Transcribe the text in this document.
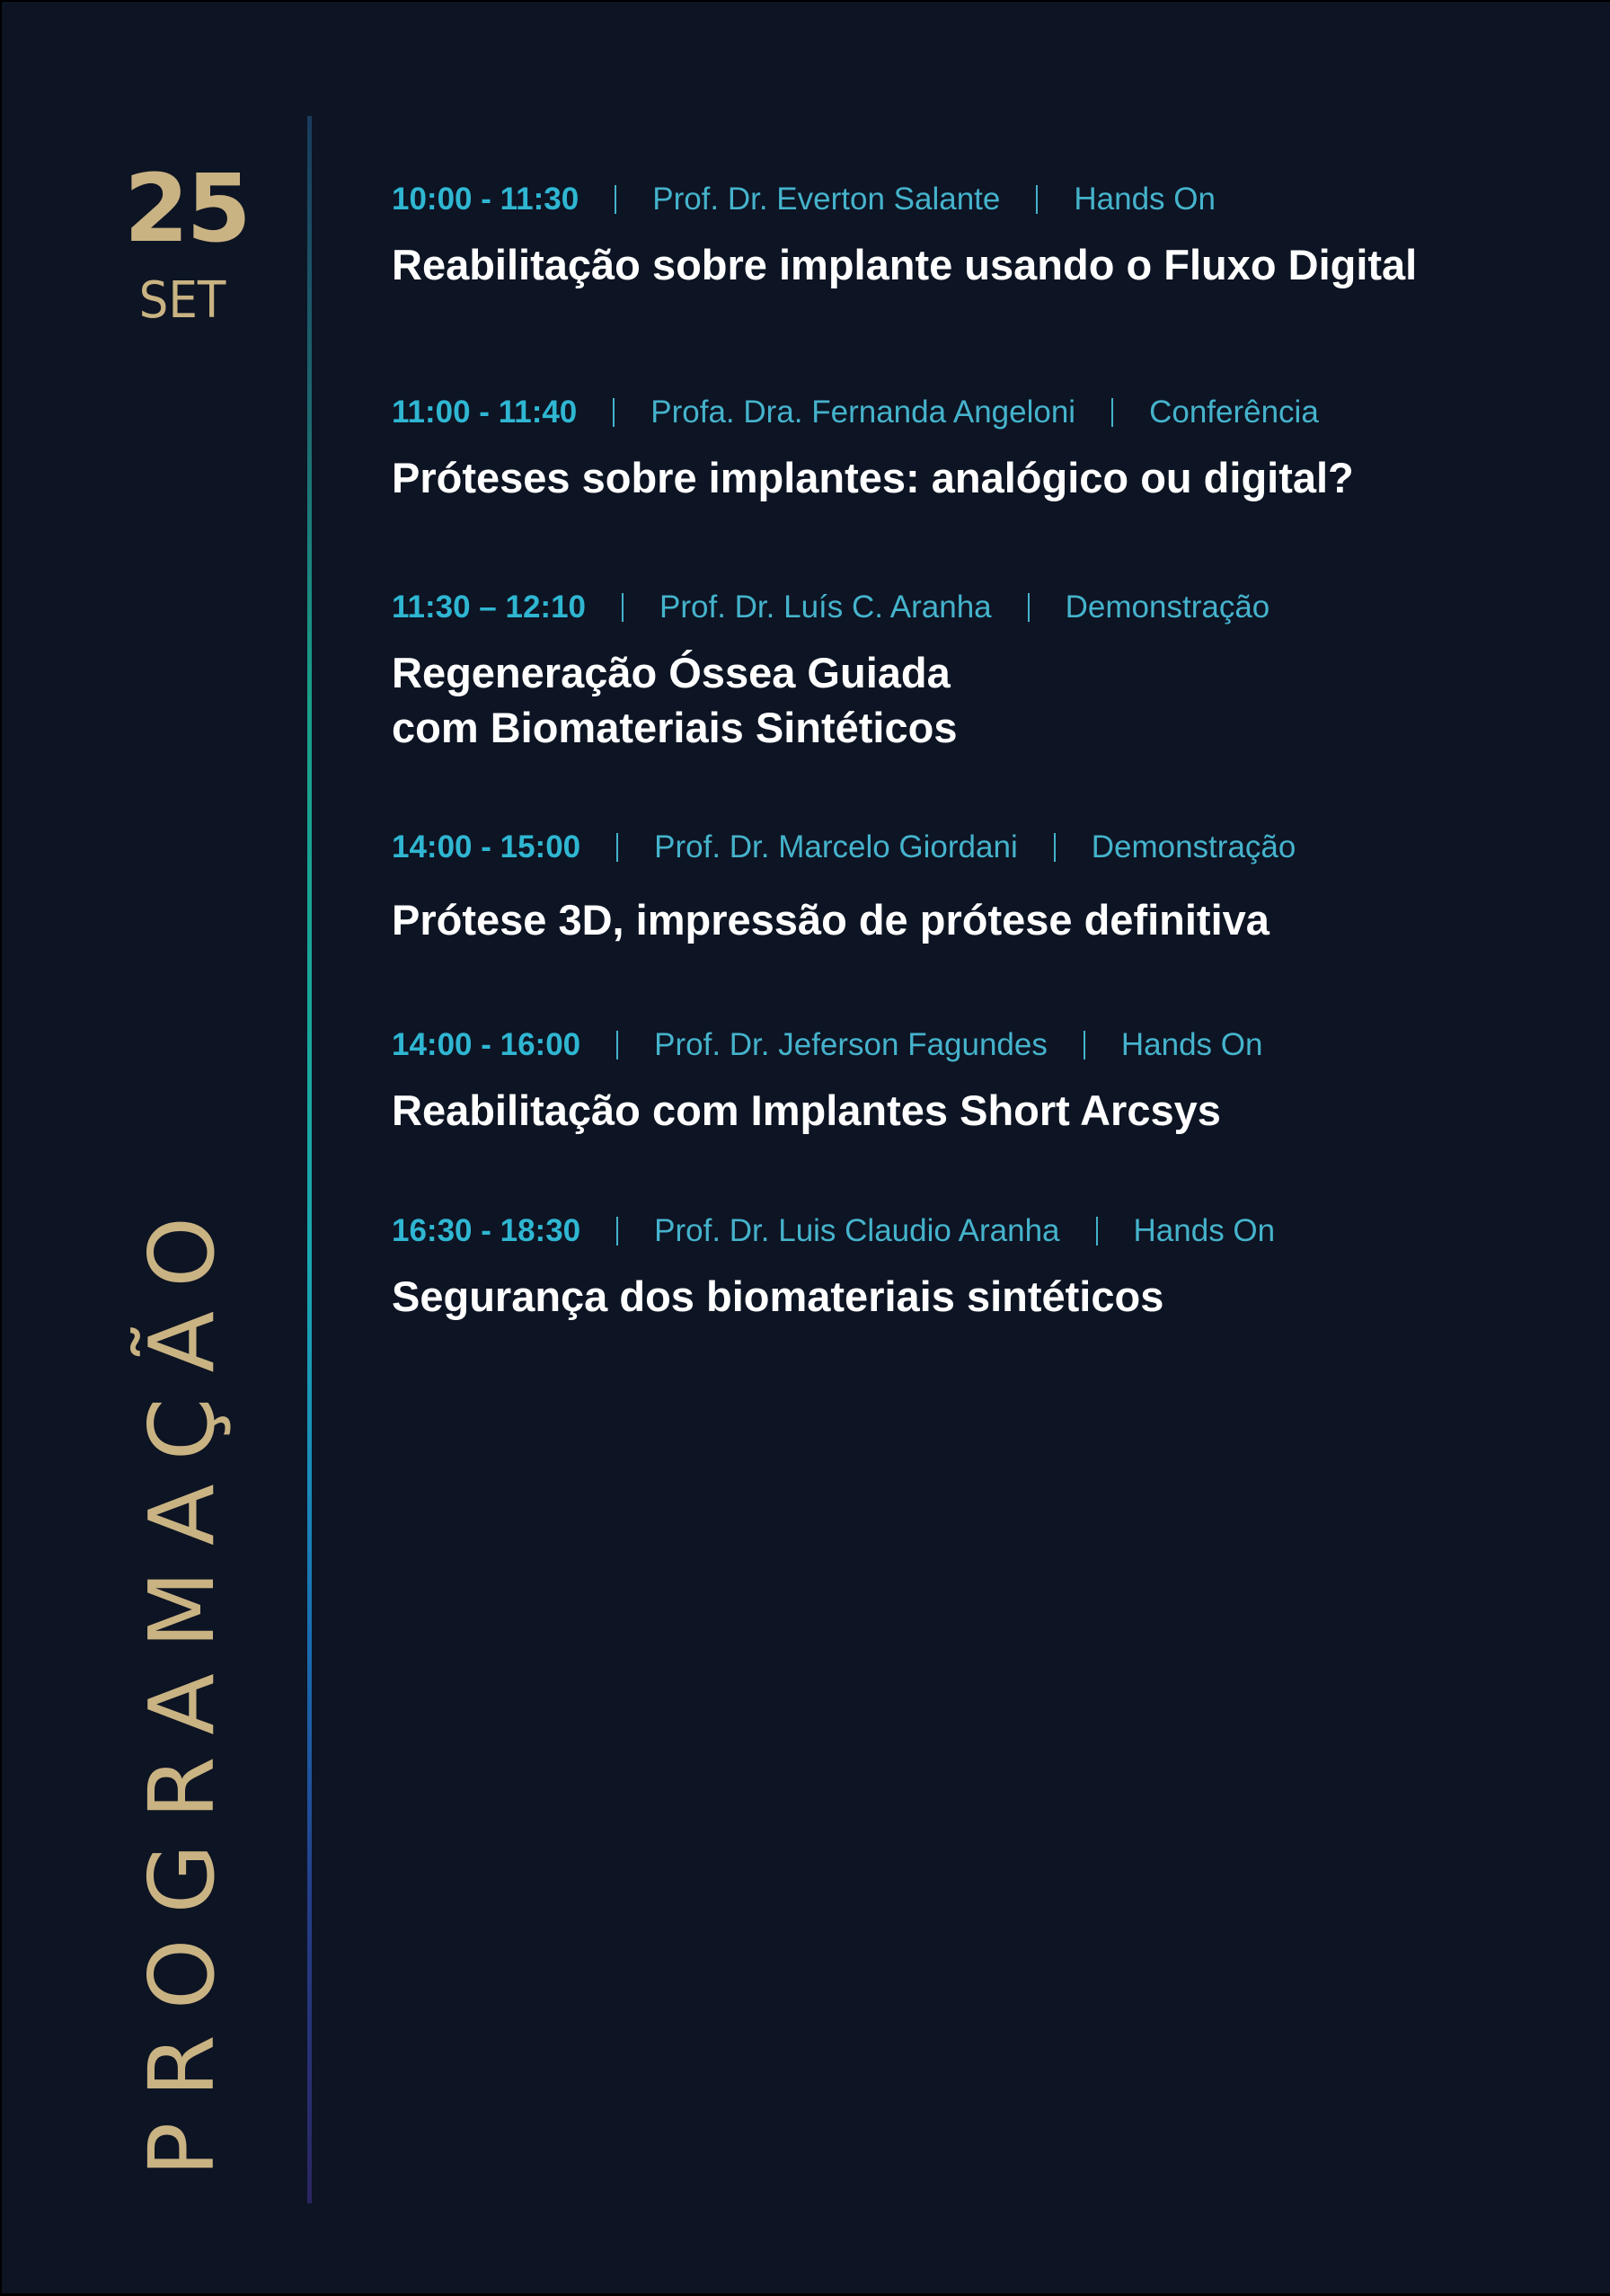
25
SET
PROGRAMAÇÃO
10:00 - 11:30 Prof. Dr. Everton Salante Hands On
Reabilitação sobre implante usando o Fluxo Digital
11:00 - 11:40 Profa. Dra. Fernanda Angeloni Conferência
Próteses sobre implantes: analógico ou digital?
11:30 – 12:10 Prof. Dr. Luís C. Aranha Demonstração
Regeneração Óssea Guiada
com Biomateriais Sintéticos
14:00 - 15:00 Prof. Dr. Marcelo Giordani Demonstração
Prótese 3D, impressão de prótese definitiva
14:00 - 16:00 Prof. Dr. Jeferson Fagundes Hands On
Reabilitação com Implantes Short Arcsys
16:30 - 18:30 Prof. Dr. Luis Claudio Aranha Hands On
Segurança dos biomateriais sintéticos
